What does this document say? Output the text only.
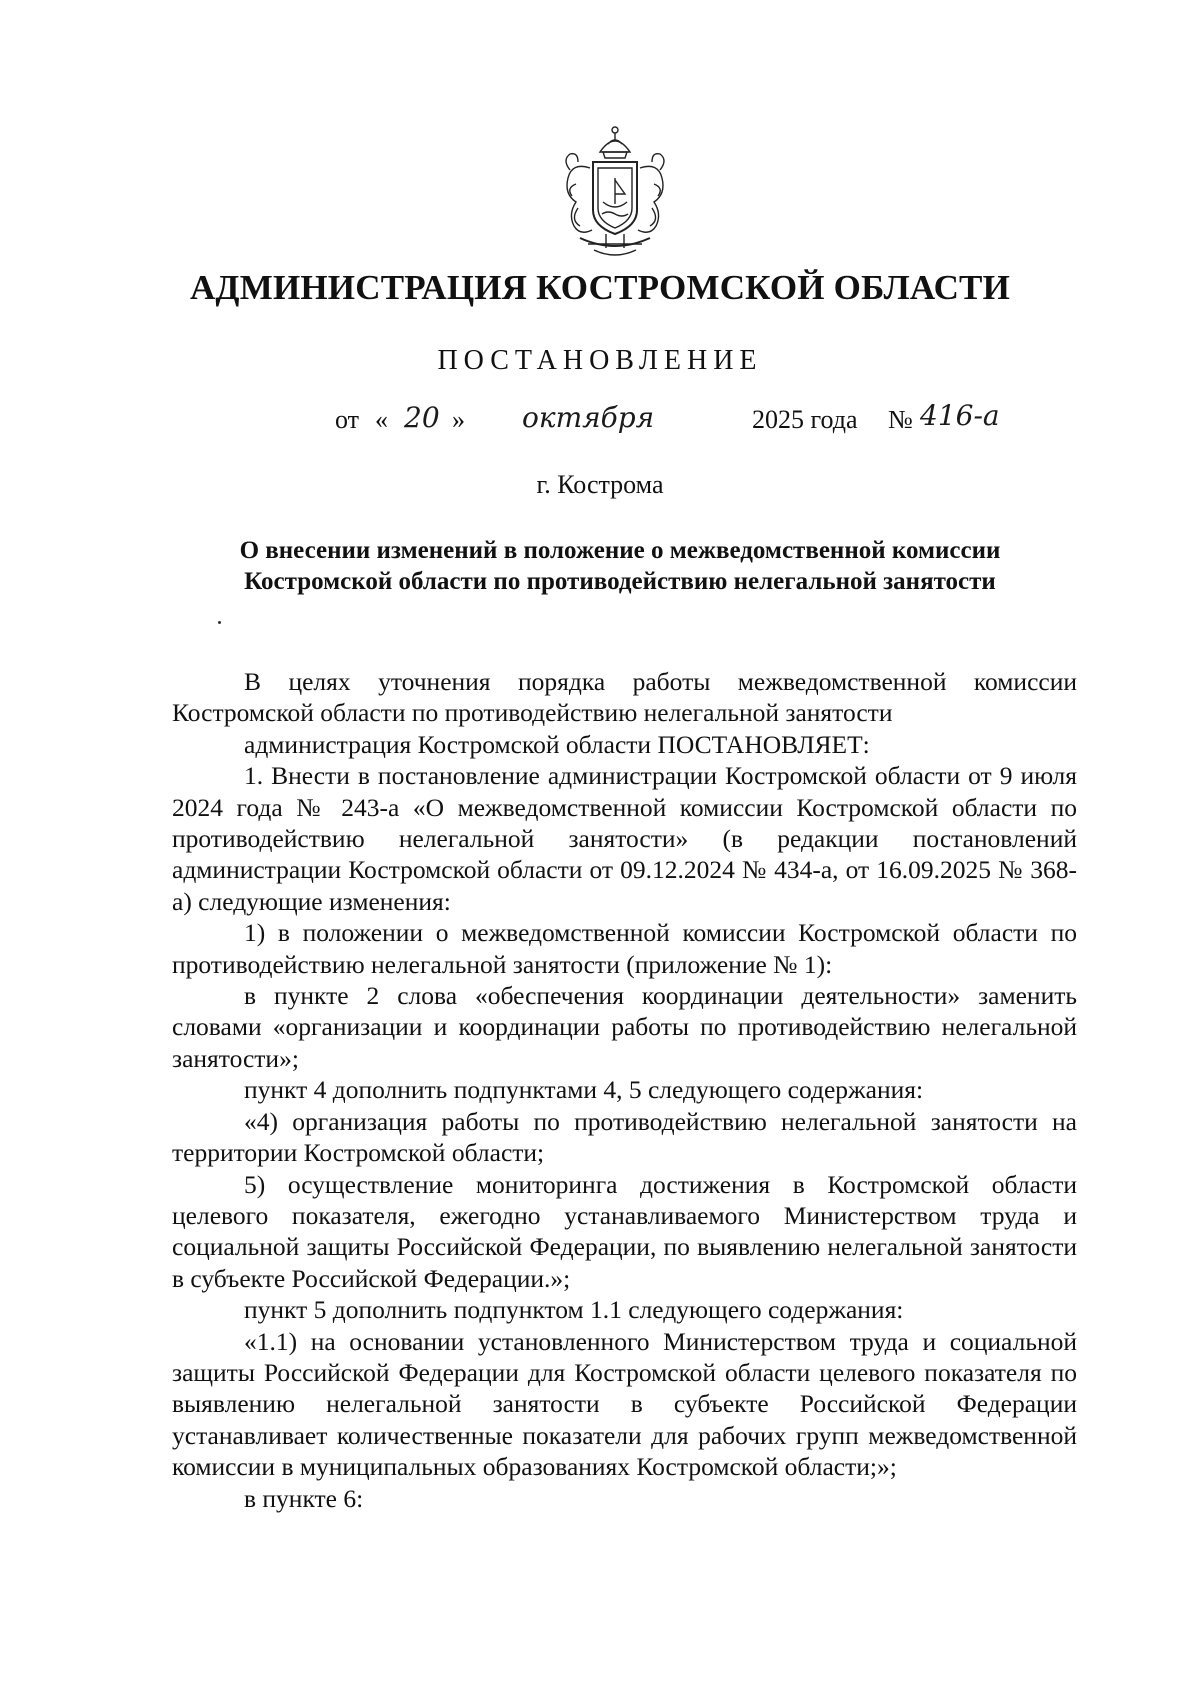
АДМИНИСТРАЦИЯ КОСТРОМСКОЙ ОБЛАСТИ
ПОСТАНОВЛЕНИЕ
от « 20 » октября	2025 года № 416-а
г. Кострома
О внесении изменений в положение о межведомственной комиссии
Костромской области по противодействию нелегальной занятости

В целях уточнения порядка работы межведомственной комиссии Костромской области по противодействию нелегальной занятости

администрация Костромской области ПОСТАНОВЛЯЕТ:

1. Внести в постановление администрации Костромской области от 9 июля 2024 года № 243-а «О межведомственной комиссии Костромской области по противодействию нелегальной занятости» (в редакции постановлений администрации Костромской области от 09.12.2024 № 434-а, от 16.09.2025 № 368-а) следующие изменения:

1) в положении о межведомственной комиссии Костромской области по противодействию нелегальной занятости (приложение № 1):

в пункте 2 слова «обеспечения координации деятельности» заменить словами «организации и координации работы по противодействию нелегальной занятости»;

пункт 4 дополнить подпунктами 4, 5 следующего содержания:

«4) организация работы по противодействию нелегальной занятости на территории Костромской области;

5) осуществление мониторинга достижения в Костромской области целевого показателя, ежегодно устанавливаемого Министерством труда и социальной защиты Российской Федерации, по выявлению нелегальной занятости в субъекте Российской Федерации.»;

пункт 5 дополнить подпунктом 1.1 следующего содержания:

«1.1) на основании установленного Министерством труда и социальной защиты Российской Федерации для Костромской области целевого показателя по выявлению нелегальной занятости в субъекте Российской Федерации устанавливает количественные показатели для рабочих групп межведомственной комиссии в муниципальных образованиях Костромской области;»;

в пункте 6:
